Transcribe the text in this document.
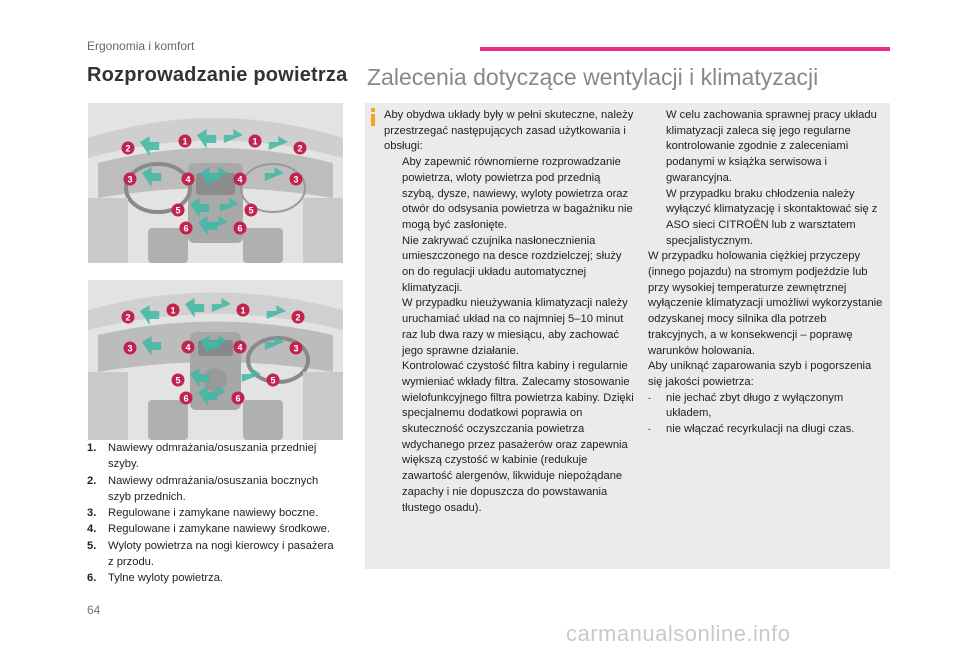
Ergonomia i komfort
Rozprowadzanie powietrza Zalecenia dotyczące wentylacji i klimatyzacji
1	1
2	2
3	3
4	4
5	5
6	6
1	1
2	2
3	3
4	4
5	5
6	6
1.	Nawiewy odmrażania/osuszania przedniej szyby.
2.	Nawiewy odmrażania/osuszania bocznych szyb przednich.
3.	Regulowane i zamykane nawiewy boczne.
4.	Regulowane i zamykane nawiewy środkowe.
5.	Wyloty powietrza na nogi kierowcy i pasażera z przodu.
6.	Tylne wyloty powietrza.
Aby obydwa układy były w pełni skuteczne, należy przestrzegać następujących zasad użytkowania i obsługi:
Aby zapewnić równomierne rozprowadzanie powietrza, wloty powietrza pod przednią szybą, dysze, nawiewy, wyloty powietrza oraz otwór do odsysania powietrza w bagażniku nie mogą być zasłonięte.
Nie zakrywać czujnika nasłonecznienia umieszczonego na desce rozdzielczej; służy on do regulacji układu automatycznej klimatyzacji.
W przypadku nieużywania klimatyzacji należy uruchamiać układ na co najmniej 5–10 minut raz lub dwa razy w miesiącu, aby zachować jego sprawne działanie.
Kontrolować czystość filtra kabiny i regularnie wymieniać wkłady filtra. Zalecamy stosowanie wielofunkcyjnego filtra powietrza kabiny. Dzięki specjalnemu dodatkowi poprawia on skuteczność oczyszczania powietrza wdychanego przez pasażerów oraz zapewnia większą czystość w kabinie (redukuje zawartość alergenów, likwiduje niepożądane zapachy i nie dopuszcza do powstawania tłustego osadu).
W celu zachowania sprawnej pracy układu klimatyzacji zaleca się jego regularne kontrolowanie zgodnie z zaleceniami podanymi w książka serwisowa i gwarancyjna.
W przypadku braku chłodzenia należy wyłączyć klimatyzację i skontaktować się z ASO sieci CITROËN lub z warsztatem specjalistycznym.
W przypadku holowania ciężkiej przyczepy (innego pojazdu) na stromym podjeździe lub przy wysokiej temperaturze zewnętrznej wyłączenie klimatyzacji umożliwi wykorzystanie odzyskanej mocy silnika dla potrzeb trakcyjnych, a w konsekwencji – poprawę warunków holowania.
Aby uniknąć zaparowania szyb i pogorszenia się jakości powietrza:
-	nie jechać zbyt długo z wyłączonym układem,
-	nie włączać recyrkulacji na długi czas.
64
carmanualsonline.info
